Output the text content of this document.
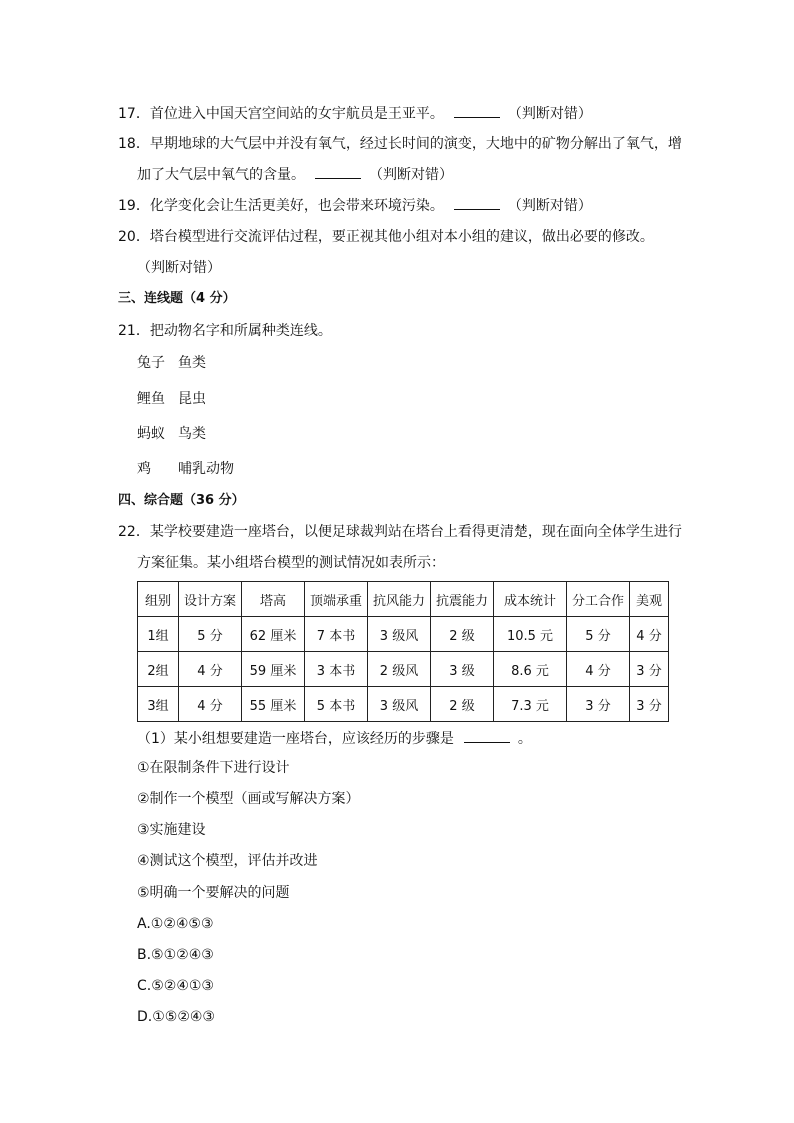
17．首位进入中国天宫空间站的女宇航员是王亚平。	（判断对错）
18．早期地球的大气层中并没有氧气，经过长时间的演变，大地中的矿物分解出了氧气，增
加了大气层中氧气的含量。	（判断对错）
19．化学变化会让生活更美好，也会带来环境污染。	（判断对错）
20．塔台模型进行交流评估过程，要正视其他小组对本小组的建议，做出必要的修改。
（判断对错）
三、连线题（4 分）
21．把动物名字和所属种类连线。
兔子 鱼类
鲤鱼 昆虫
蚂蚁 鸟类
鸡 哺乳动物
四、综合题（36 分）
22．某学校要建造一座塔台，以便足球裁判站在塔台上看得更清楚，现在面向全体学生进行
方案征集。某小组塔台模型的测试情况如表所示：
组别	设计方案	塔高	顶端承重	抗风能力	抗震能力	成本统计	分工合作	美观
1组	5 分	62 厘米	7 本书	3 级风	2 级	10.5 元	5 分	4 分
2组	4 分	59 厘米	3 本书	2 级风	3 级	8.6 元	4 分	3 分
3组	4 分	55 厘米	5 本书	3 级风	2 级	7.3 元	3 分	3 分
（1）某小组想要建造一座塔台，应该经历的步骤是	。
①在限制条件下进行设计
②制作一个模型（画或写解决方案）
③实施建设
④测试这个模型，评估并改进
⑤明确一个要解决的问题
A.①②④⑤③
B.⑤①②④③
C.⑤②④①③
D.①⑤②④③
